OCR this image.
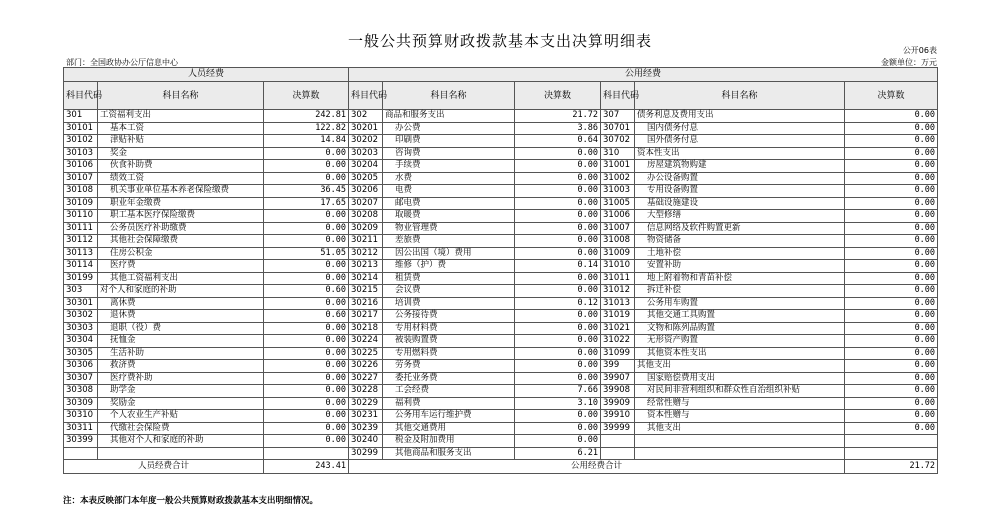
一般公共预算财政拨款基本支出决算明细表
公开06表
部门：全国政协办公厅信息中心	金额单位：万元
人员经费			公用经费					
科目代码	科目名称	决算数	科目代码	科目名称	决算数	科目代码	科目名称	决算数
301	工资福利支出	242.81	302	商品和服务支出	21.72	307	债务利息及费用支出	0.00
30101	基本工资	122.82	30201	办公费	3.86	30701	国内债务付息	0.00
30102	津贴补贴	14.84	30202	印刷费	0.64	30702	国外债务付息	0.00
30103	奖金	0.00	30203	咨询费	0.00	310	资本性支出	0.00
30106	伙食补助费	0.00	30204	手续费	0.00	31001	房屋建筑物购建	0.00
30107	绩效工资	0.00	30205	水费	0.00	31002	办公设备购置	0.00
30108	机关事业单位基本养老保险缴费	36.45	30206	电费	0.00	31003	专用设备购置	0.00
30109	职业年金缴费	17.65	30207	邮电费	0.00	31005	基础设施建设	0.00
30110	职工基本医疗保险缴费	0.00	30208	取暖费	0.00	31006	大型修缮	0.00
30111	公务员医疗补助缴费	0.00	30209	物业管理费	0.00	31007	信息网络及软件购置更新	0.00
30112	其他社会保障缴费	0.00	30211	差旅费	0.00	31008	物资储备	0.00
30113	住房公积金	51.05	30212	因公出国（境）费用	0.00	31009	土地补偿	0.00
30114	医疗费	0.00	30213	维修（护）费	0.14	31010	安置补助	0.00
30199	其他工资福利支出	0.00	30214	租赁费	0.00	31011	地上附着物和青苗补偿	0.00
303	对个人和家庭的补助	0.60	30215	会议费	0.00	31012	拆迁补偿	0.00
30301	离休费	0.00	30216	培训费	0.12	31013	公务用车购置	0.00
30302	退休费	0.60	30217	公务接待费	0.00	31019	其他交通工具购置	0.00
30303	退职（役）费	0.00	30218	专用材料费	0.00	31021	文物和陈列品购置	0.00
30304	抚恤金	0.00	30224	被装购置费	0.00	31022	无形资产购置	0.00
30305	生活补助	0.00	30225	专用燃料费	0.00	31099	其他资本性支出	0.00
30306	救济费	0.00	30226	劳务费	0.00	399	其他支出	0.00
30307	医疗费补助	0.00	30227	委托业务费	0.00	39907	国家赔偿费用支出	0.00
30308	助学金	0.00	30228	工会经费	7.66	39908	对民间非营利组织和群众性自治组织补贴	0.00
30309	奖励金	0.00	30229	福利费	3.10	39909	经常性赠与	0.00
30310	个人农业生产补贴	0.00	30231	公务用车运行维护费	0.00	39910	资本性赠与	0.00
30311	代缴社会保险费	0.00	30239	其他交通费用	0.00	39999	其他支出	0.00
30399	其他对个人和家庭的补助	0.00	30240	税金及附加费用	0.00			
			30299	其他商品和服务支出	6.21			
人员经费合计		243.41	公用经费合计					21.72
注：本表反映部门本年度一般公共预算财政拨款基本支出明细情况。
